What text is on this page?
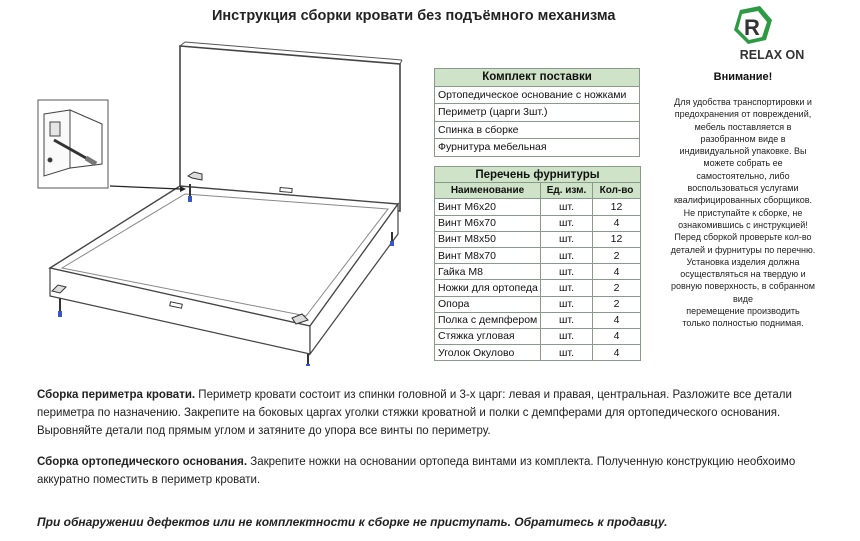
Инструкция сборки кровати без подъёмного механизма
Комплект поставки
Ортопедическое основание с ножками
Периметр (царги 3шт.)
Спинка в сборке
Фурнитура мебельная
Перечень фурнитуры		
Наименование	Ед. изм.	Кол-во
Винт М6х20	шт.	12
Винт М6х70	шт.	4
Винт М8х50	шт.	12
Винт М8х70	шт.	2
Гайка М8	шт.	4
Ножки для ортопеда	шт.	2
Опора	шт.	2
Полка с демпфером	шт.	4
Стяжка угловая	шт.	4
Уголок Окулово	шт.	4
R
RELAX ON
Внимание!
Для удобства транспортировки и
предохранения от повреждений,
мебель поставляется в
разобранном виде в
индивидуальной упаковке. Вы
можете собрать ее
самостоятельно, либо
воспользоваться услугами
квалифицированных сборщиков.
Не приступайте к сборке, не
ознакомившись с инструкцией!
Перед сборкой проверьте кол-во
деталей и фурнитуры по перечню.
Установка изделия должна
осуществляться на твердую и
ровную поверхность, в собранном
виде
перемещение производить
только полностью поднимая.
Сборка периметра кровати. Периметр кровати состоит из спинки головной и 3-х царг: левая и правая, центральная. Разложите все детали периметра по назначению. Закрепите на боковых царгах уголки стяжки кроватной и полки с демпферами для ортопедического основания. Выровняйте детали под прямым углом и затяните до упора все винты по периметру.
Сборка ортопедического основания. Закрепите ножки на основании ортопеда винтами из комплекта. Полученную конструкцию необхоимо аккуратно поместить в периметр кровати.
При обнаружении дефектов или не комплектности к сборке не приступать. Обратитесь к продавцу.
